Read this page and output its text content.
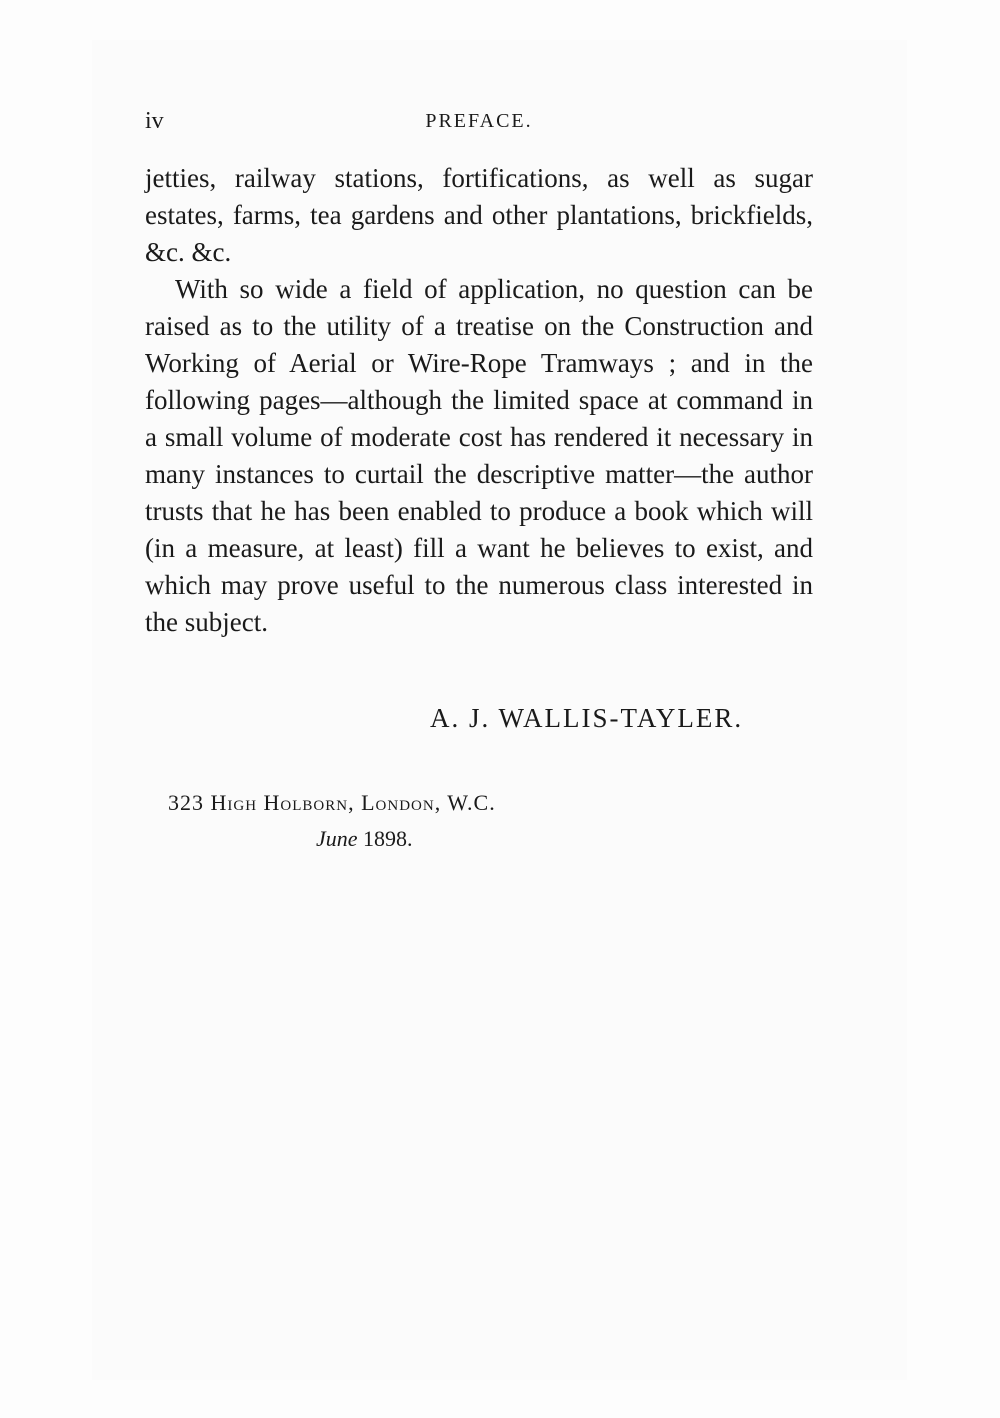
iv	PREFACE.

jetties, railway stations, fortifications, as well as sugar estates, farms, tea gardens and other plantations, brickfields, &c. &c.

With so wide a field of application, no question can be raised as to the utility of a treatise on the Construction and Working of Aerial or Wire-Rope Tramways ; and in the following pages—although the limited space at command in a small volume of moderate cost has rendered it necessary in many instances to curtail the descriptive matter—the author trusts that he has been enabled to produce a book which will (in a measure, at least) fill a want he believes to exist, and which may prove useful to the numerous class interested in the subject.

A. J. WALLIS-TAYLER.
323 High Holborn, London, W.C.
June 1898.
